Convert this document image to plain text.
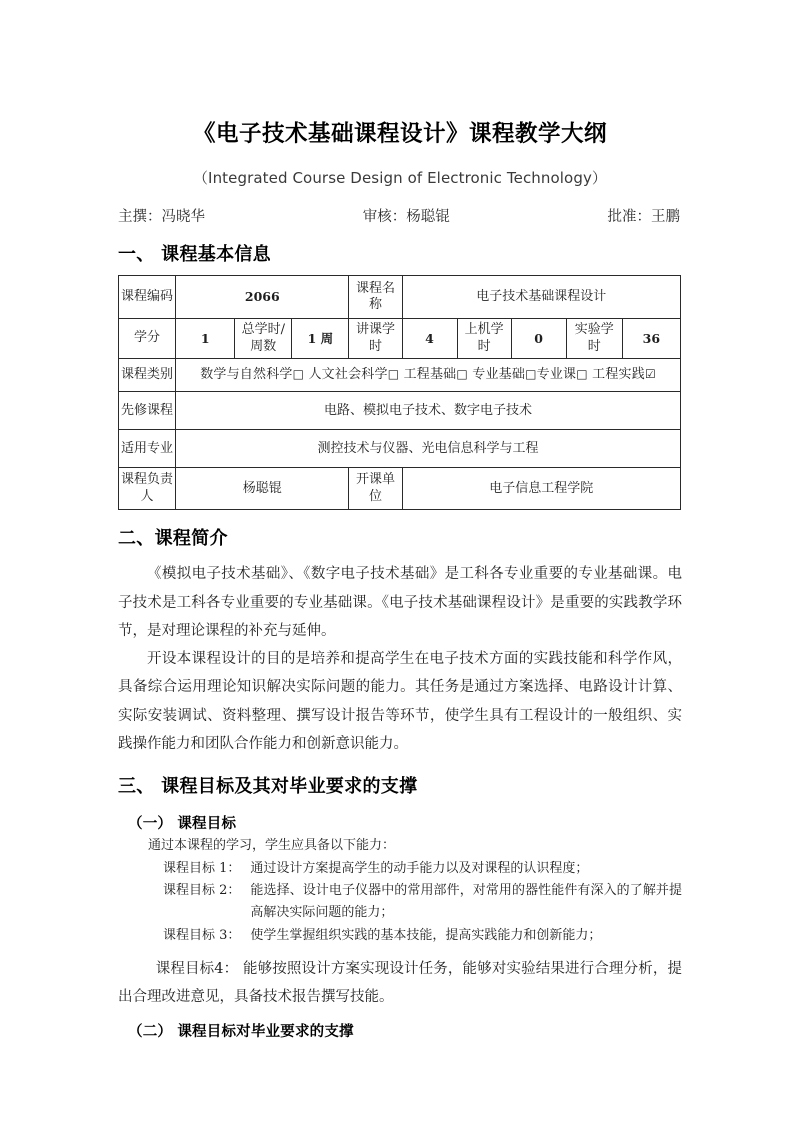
《电子技术基础课程设计》课程教学大纲
（Integrated Course Design of Electronic Technology）
主撰：冯晓华	审核：杨聪锟	批准：王鹏
一、 课程基本信息
课程编码	2066			课程名称	电子技术基础课程设计				
学分	1	总学时/周数	1 周	讲课学时	4	上机学时	0	实验学时	36
课程类别	数学与自然科学□ 人文社会科学□ 工程基础□ 专业基础□专业课□ 工程实践☑								
先修课程	电路、模拟电子技术、数字电子技术								
适用专业	测控技术与仪器、光电信息科学与工程								
课程负责人	杨聪锟			开课单位	电子信息工程学院				
二、课程简介

《模拟电子技术基础》、《数字电子技术基础》是工科各专业重要的专业基础课。电子技术是工科各专业重要的专业基础课。《电子技术基础课程设计》是重要的实践教学环节，是对理论课程的补充与延伸。

开设本课程设计的目的是培养和提高学生在电子技术方面的实践技能和科学作风，具备综合运用理论知识解决实际问题的能力。其任务是通过方案选择、电路设计计算、实际安装调试、资料整理、撰写设计报告等环节，使学生具有工程设计的一般组织、实践操作能力和团队合作能力和创新意识能力。

三、 课程目标及其对毕业要求的支撑
（一） 课程目标
通过本课程的学习，学生应具备以下能力：
课程目标 1： 通过设计方案提高学生的动手能力以及对课程的认识程度；
课程目标 2： 能选择、设计电子仪器中的常用部件，对常用的器性能件有深入的了解并提高解决实际问题的能力；
课程目标 3： 使学生掌握组织实践的基本技能，提高实践能力和创新能力；

课程目标4： 能够按照设计方案实现设计任务，能够对实验结果进行合理分析，提出合理改进意见，具备技术报告撰写技能。

（二） 课程目标对毕业要求的支撑
